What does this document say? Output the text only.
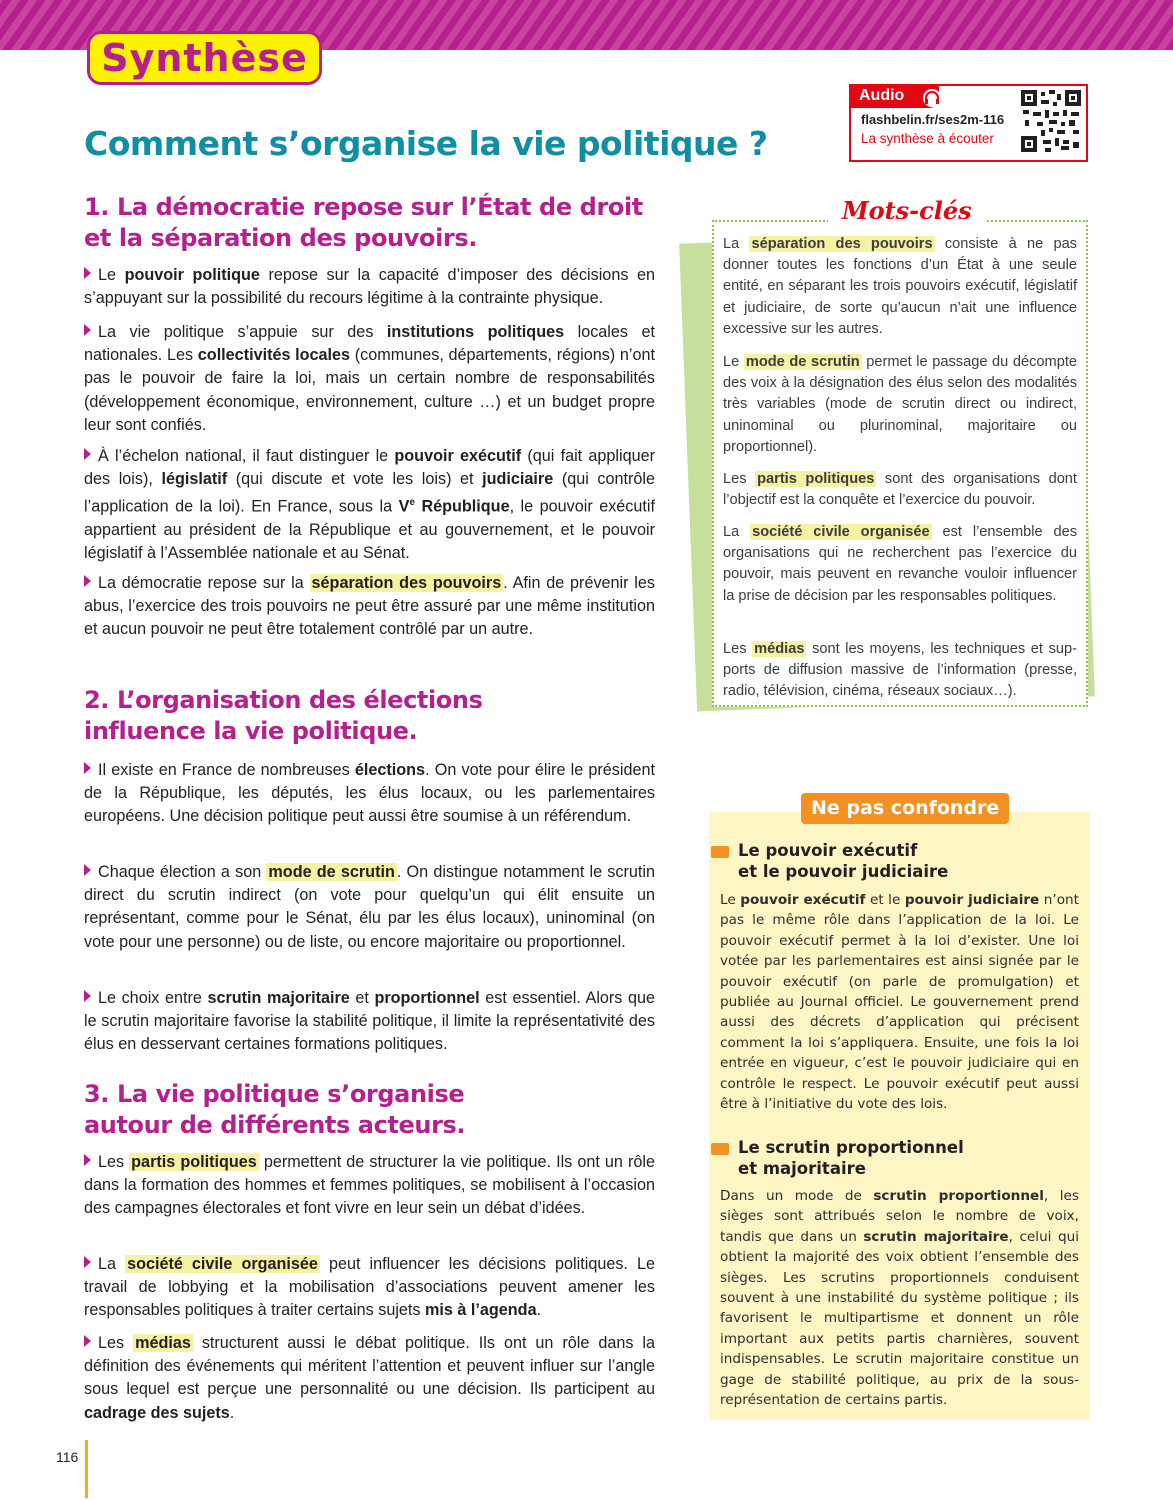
Synthèse
Audio
flashbelin.fr/ses2m-116
La synthèse à écouter
Comment s’organise la vie politique ?
1. La démocratie repose sur l’État de droit
et la séparation des pouvoirs.

Le pouvoir politique repose sur la capacité d’imposer des décisions en s’appuyant sur la possibilité du recours légitime à la contrainte physique.

La vie politique s’appuie sur des institutions politiques locales et nationales. Les collectivités locales (communes, départements, régions) n’ont pas le pouvoir de faire la loi, mais un certain nombre de responsabilités (développement économique, environnement, culture …) et un budget propre leur sont confiés.

À l’échelon national, il faut distinguer le pouvoir exécutif (qui fait appliquer des lois), législatif (qui discute et vote les lois) et judiciaire (qui contrôle l’application de la loi). En France, sous la Ve République, le pouvoir exécutif appartient au président de la République et au gouvernement, et le pouvoir législatif à l’Assemblée nationale et au Sénat.

La démocratie repose sur la séparation des pouvoirs . Afin de prévenir les abus, l’exercice des trois pouvoirs ne peut être assuré par une même institution et aucun pouvoir ne peut être totalement contrôlé par un autre.

2. L’organisation des élections
influence la vie politique.

Il existe en France de nombreuses élections. On vote pour élire le président de la République, les députés, les élus locaux, ou les parlementaires européens. Une décision politique peut aussi être soumise à un référendum.

Chaque élection a son mode de scrutin . On distingue notamment le scrutin direct du scrutin indirect (on vote pour quelqu’un qui élit ensuite un représentant, comme pour le Sénat, élu par les élus locaux), uninominal (on vote pour une personne) ou de liste, ou encore majoritaire ou proportionnel.

Le choix entre scrutin majoritaire et proportionnel est essentiel. Alors que le scrutin majoritaire favorise la stabilité politique, il limite la représentativité des élus en desservant certaines formations politiques.

3. La vie politique s’organise
autour de différents acteurs.

Les partis politiques permettent de structurer la vie politique. Ils ont un rôle dans la formation des hommes et femmes politiques, se mobilisent à l’occasion des campagnes électorales et font vivre en leur sein un débat d’idées.

La société civile organisée peut influencer les décisions politiques. Le travail de lobbying et la mobilisation d’associations peuvent amener les responsables politiques à traiter certains sujets mis à l’agenda.

Les médias structurent aussi le débat politique. Ils ont un rôle dans la définition des événements qui méritent l’attention et peuvent influer sur l’angle sous lequel est perçue une personnalité ou une décision. Ils participent au cadrage des sujets.

Mots-clés

La séparation des pouvoirs consiste à ne pas donner toutes les fonctions d’un État à une seule entité, en séparant les trois pouvoirs exécutif, législatif et judiciaire, de sorte qu’aucun n’ait une influence excessive sur les autres.

Le mode de scrutin permet le passage du décompte des voix à la désignation des élus selon des modalités très variables (mode de scrutin direct ou indirect, uninominal ou plurinominal, majoritaire ou proportionnel).

Les partis politiques sont des organisations dont l’objectif est la conquête et l’exercice du pouvoir.

La société civile organisée est l’ensemble des organisations qui ne recherchent pas l’exercice du pouvoir, mais peuvent en revanche vouloir influencer la prise de décision par les responsables politiques.

Les médias sont les moyens, les techniques et supports de diffusion massive de l’information (presse, radio, télévision, cinéma, réseaux sociaux…).

Ne pas confondre
Le pouvoir exécutif
et le pouvoir judiciaire

Le pouvoir exécutif et le pouvoir judiciaire n’ont pas le même rôle dans l’application de la loi. Le pouvoir exécutif permet à la loi d’exister. Une loi votée par les parlementaires est ainsi signée par le pouvoir exécutif (on parle de promulgation) et publiée au Journal officiel. Le gouvernement prend aussi des décrets d’application qui précisent comment la loi s’appliquera. Ensuite, une fois la loi entrée en vigueur, c’est le pouvoir judiciaire qui en contrôle le respect. Le pouvoir exécutif peut aussi être à l’initiative du vote des lois.

Le scrutin proportionnel
et majoritaire

Dans un mode de scrutin proportionnel, les sièges sont attribués selon le nombre de voix, tandis que dans un scrutin majoritaire, celui qui obtient la majorité des voix obtient l’ensemble des sièges. Les scrutins proportionnels conduisent souvent à une instabilité du système politique ; ils favorisent le multipartisme et donnent un rôle important aux petits partis charnières, souvent indispensables. Le scrutin majoritaire constitue un gage de stabilité politique, au prix de la sous-représentation de certains partis.

116
